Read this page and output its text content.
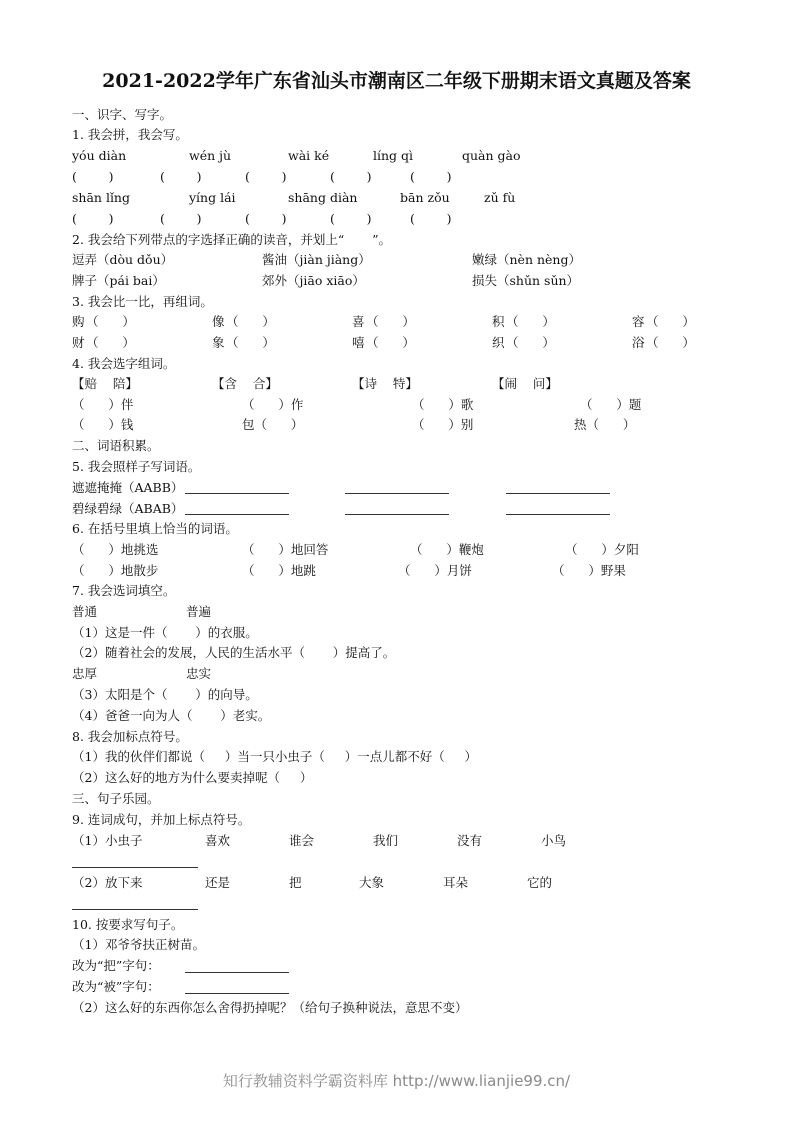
2021-2022学年广东省汕头市潮南区二年级下册期末语文真题及答案
一、识字、写字。
1. 我会拼，我会写。
yóu diàn	wén jù	wài ké	líng qì	quàn gào
(        )	(        )	(        )	(        )	(        )
shān lǐng	yíng lái	shāng diàn	bān zǒu	zǔ fù
(        )	(        )	(        )	(        )	(        )
2. 我会给下列带点的字选择正确的读音，并划上“       ”。
逗弄（dòu dǒu）	酱油（jiàn jiàng）	嫩绿（nèn nèng）
牌子（pái bai）	郊外（jiāo xiāo）	损失（shǔn sǔn）
3. 我会比一比，再组词。
购 （      ）	像 （      ）	喜 （      ）	积 （      ）	容 （      ）
财 （      ）	象 （      ）	嘻 （      ）	织 （      ）	浴 （      ）
4. 我会选字组词。
【赔    陪】	【含    合】	【诗    特】	【闹    问】
（      ）伴	（      ）作	（      ）歌	（      ）题
（      ）钱	包（      ）	（      ）别	热（      ）
二、词语积累。
5. 我会照样子写词语。
遮遮掩掩（AABB）
碧绿碧绿（ABAB）
6. 在括号里填上恰当的词语。
（      ）地挑选	（      ）地回答	（      ）鞭炮	（      ）夕阳
（      ）地散步	（      ）地跳	（      ）月饼	（      ）野果
7. 我会选词填空。
普通	普遍
（1）这是一件（       ）的衣服。
（2）随着社会的发展，人民的生活水平（       ）提高了。
忠厚	忠实
（3）太阳是个（       ）的向导。
（4）爸爸一向为人（       ）老实。
8. 我会加标点符号。
（1）我的伙伴们都说（     ）当一只小虫子（     ）一点儿都不好（     ）
（2）这么好的地方为什么要卖掉呢（     ）
三、句子乐园。
9. 连词成句，并加上标点符号。
（1）小虫子	喜欢	谁会	我们	没有	小鸟
（2）放下来	还是	把	大象	耳朵	它的
10. 按要求写句子。
（1）邓爷爷扶正树苗。
改为“把”字句：
改为“被”字句：
（2）这么好的东西你怎么舍得扔掉呢？（给句子换种说法，意思不变）
知行教辅资料学霸资料库 http://www.lianjie99.cn/
